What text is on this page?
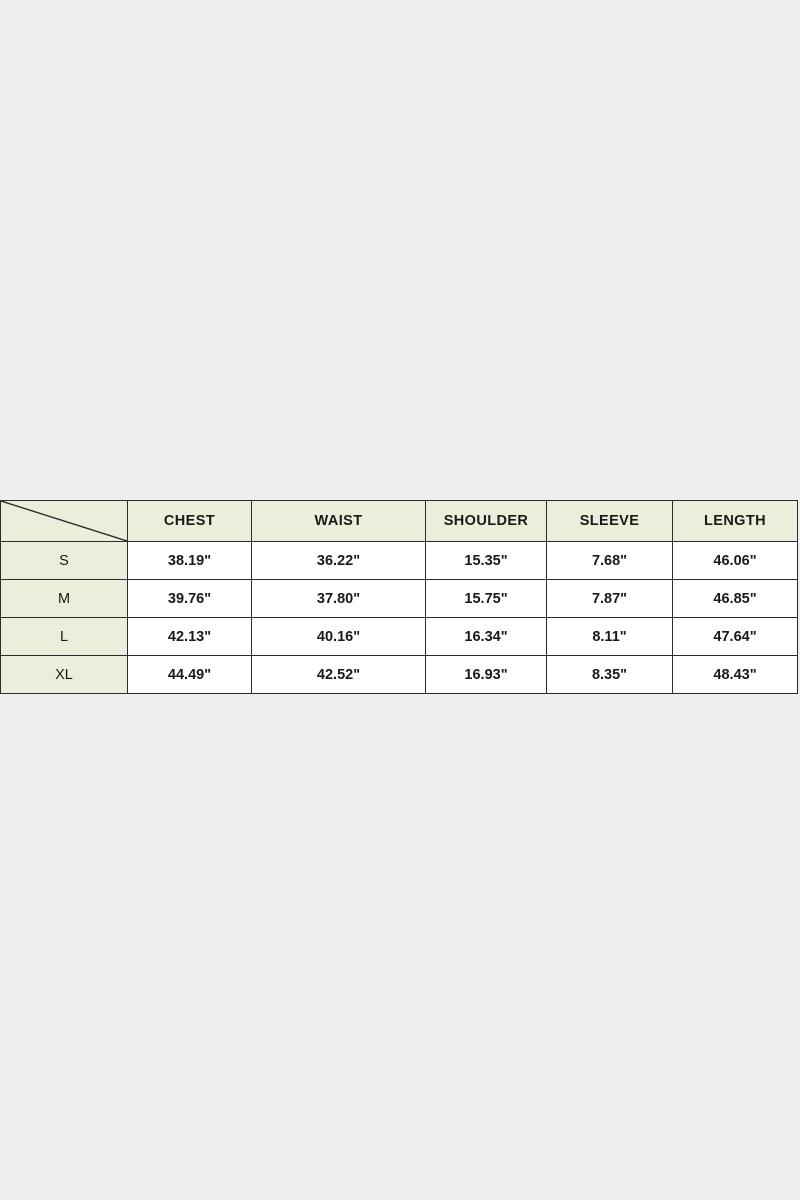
	CHEST	WAIST	SHOULDER	SLEEVE	LENGTH
S	38.19"	36.22"	15.35"	7.68"	46.06"
M	39.76"	37.80"	15.75"	7.87"	46.85"
L	42.13"	40.16"	16.34"	8.11"	47.64"
XL	44.49"	42.52"	16.93"	8.35"	48.43"
